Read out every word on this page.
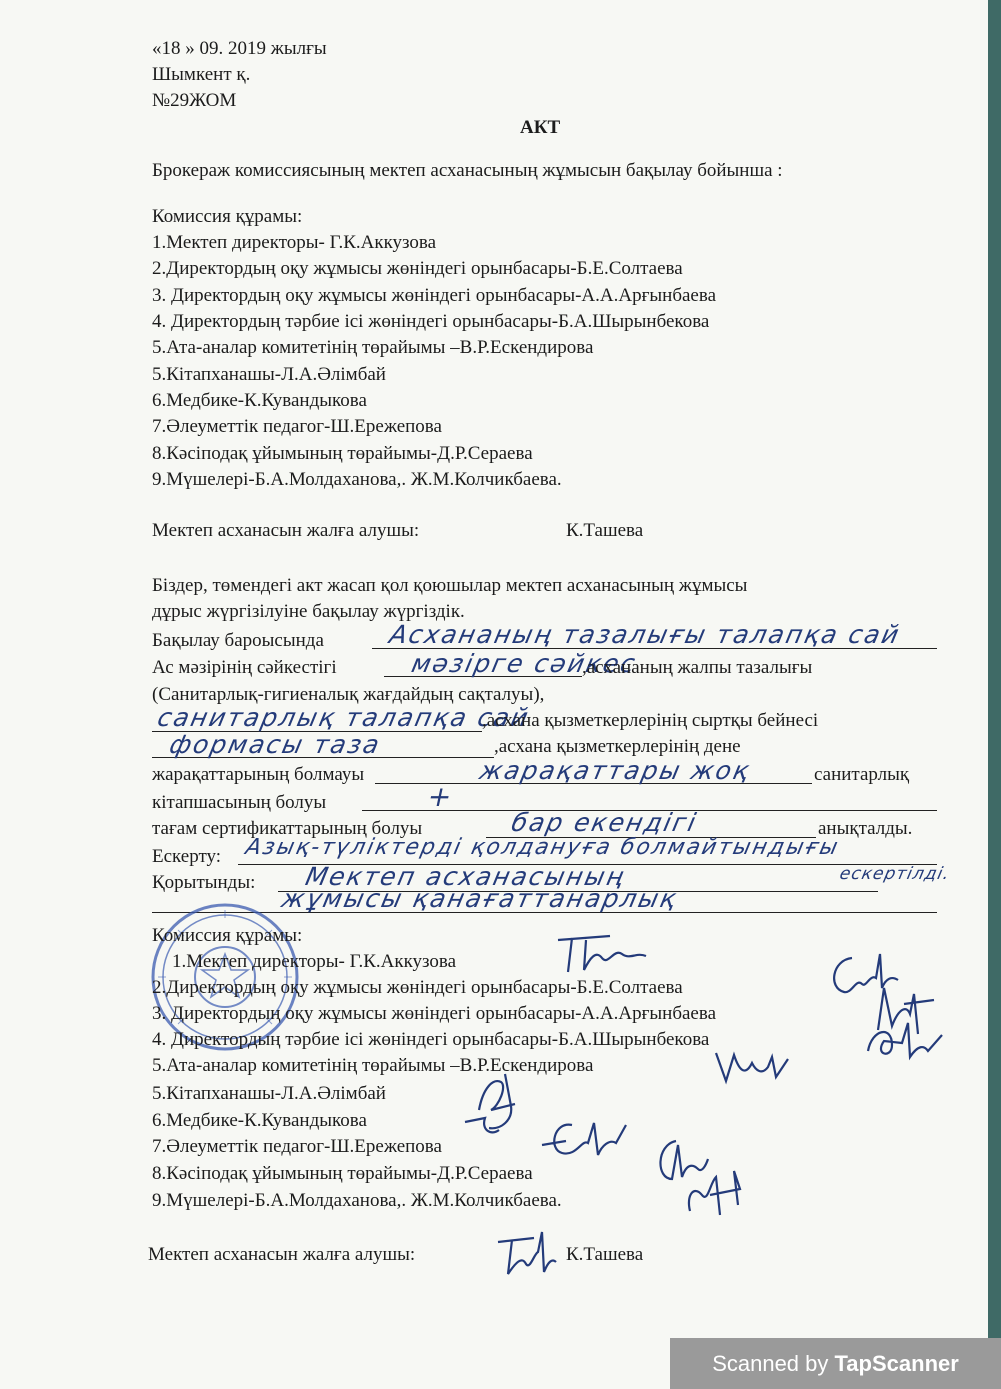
«18 » 09. 2019 жылғы
Шымкент қ.
№29ЖОМ
АКТ
Брокераж комиссиясының мектеп асханасының жұмысын бақылау бойынша :
Комиссия құрамы:
1.Мектеп директоры- Г.К.Аккузова
2.Директордың оқу жұмысы жөніндегі орынбасары-Б.Е.Солтаева
3. Директордың оқу жұмысы жөніндегі орынбасары-А.А.Арғынбаева
4. Директордың тәрбие ісі жөніндегі орынбасары-Б.А.Шырынбекова
5.Ата-аналар комитетінің төрайымы –В.Р.Ескендирова
5.Кітапханашы-Л.А.Әлімбай
6.Медбике-К.Кувандыкова
7.Әлеуметтік педагог-Ш.Ережепова
8.Кәсіподақ ұйымының төрайымы-Д.Р.Сераева
9.Мүшелері-Б.А.Молдаханова,. Ж.М.Колчикбаева.
Мектеп асханасын жалға алушы:	К.Ташева
Біздер, төмендегі акт жасап қол қоюшылар мектеп асханасының жұмысы
дұрыс жүргізілуіне бақылау жүргіздік.
Бақылау бароысында	Асхананың тазалығы талапқа сай
Ас мәзірінің сәйкестігі	мәзірге сәйкес
,асхананың жалпы тазалығы
(Санитарлық-гигиеналық жағдайдың сақталуы),
санитарлық талапқа сай
,асхана қызметкерлерінің сыртқы бейнесі
формасы таза	,асхана қызметкерлерінің дене
жарақаттарының болмауы	жарақаттары жоқ	санитарлық
кітапшасының болуы	+
тағам сертификаттарының болуы	бар екендігі	анықталды.
Ескерту: Азық-түліктерді қолдануға болмайтындығы
Қорытынды: Мектеп асханасының	ескертілді.
жұмысы қанағаттанарлық
Комиссия құрамы:
1.Мектеп директоры- Г.К.Аккузова
2.Директордың оқу жұмысы жөніндегі орынбасары-Б.Е.Солтаева
3. Директордың оқу жұмысы жөніндегі орынбасары-А.А.Арғынбаева
4. Директордың тәрбие ісі жөніндегі орынбасары-Б.А.Шырынбекова
5.Ата-аналар комитетінің төрайымы –В.Р.Ескендирова
5.Кітапханашы-Л.А.Әлімбай
6.Медбике-К.Кувандыкова
7.Әлеуметтік педагог-Ш.Ережепова
8.Кәсіподақ ұйымының төрайымы-Д.Р.Сераева
9.Мүшелері-Б.А.Молдаханова,. Ж.М.Колчикбаева.
Мектеп асханасын жалға алушы:	К.Ташева
Scanned by TapScanner
